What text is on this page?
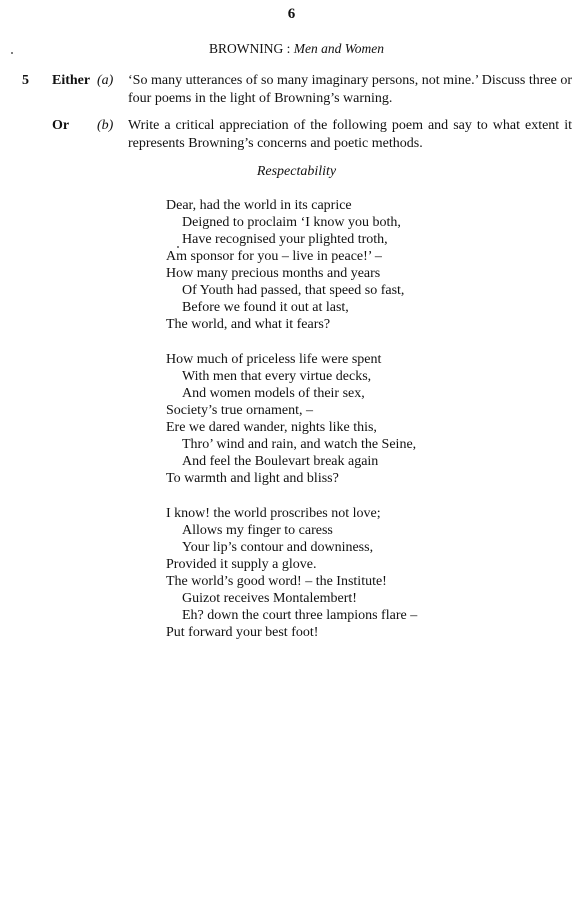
6
BROWNING : Men and Women
5 Either (a) ‘So many utterances of so many imaginary persons, not mine.’ Discuss three or four poems in the light of Browning’s warning.
Or (b) Write a critical appreciation of the following poem and say to what extent it represents Browning’s concerns and poetic methods.
Respectability
Dear, had the world in its caprice
Deigned to proclaim ‘I know you both,
Have recognised your plighted troth,
Am sponsor for you – live in peace!’ –
How many precious months and years
Of Youth had passed, that speed so fast,
Before we found it out at last,
The world, and what it fears?
How much of priceless life were spent
With men that every virtue decks,
And women models of their sex,
Society’s true ornament, –
Ere we dared wander, nights like this,
Thro’ wind and rain, and watch the Seine,
And feel the Boulevart break again
To warmth and light and bliss?
I know! the world proscribes not love;
Allows my finger to caress
Your lip’s contour and downiness,
Provided it supply a glove.
The world’s good word! – the Institute!
Guizot receives Montalembert!
Eh? down the court three lampions flare –
Put forward your best foot!
